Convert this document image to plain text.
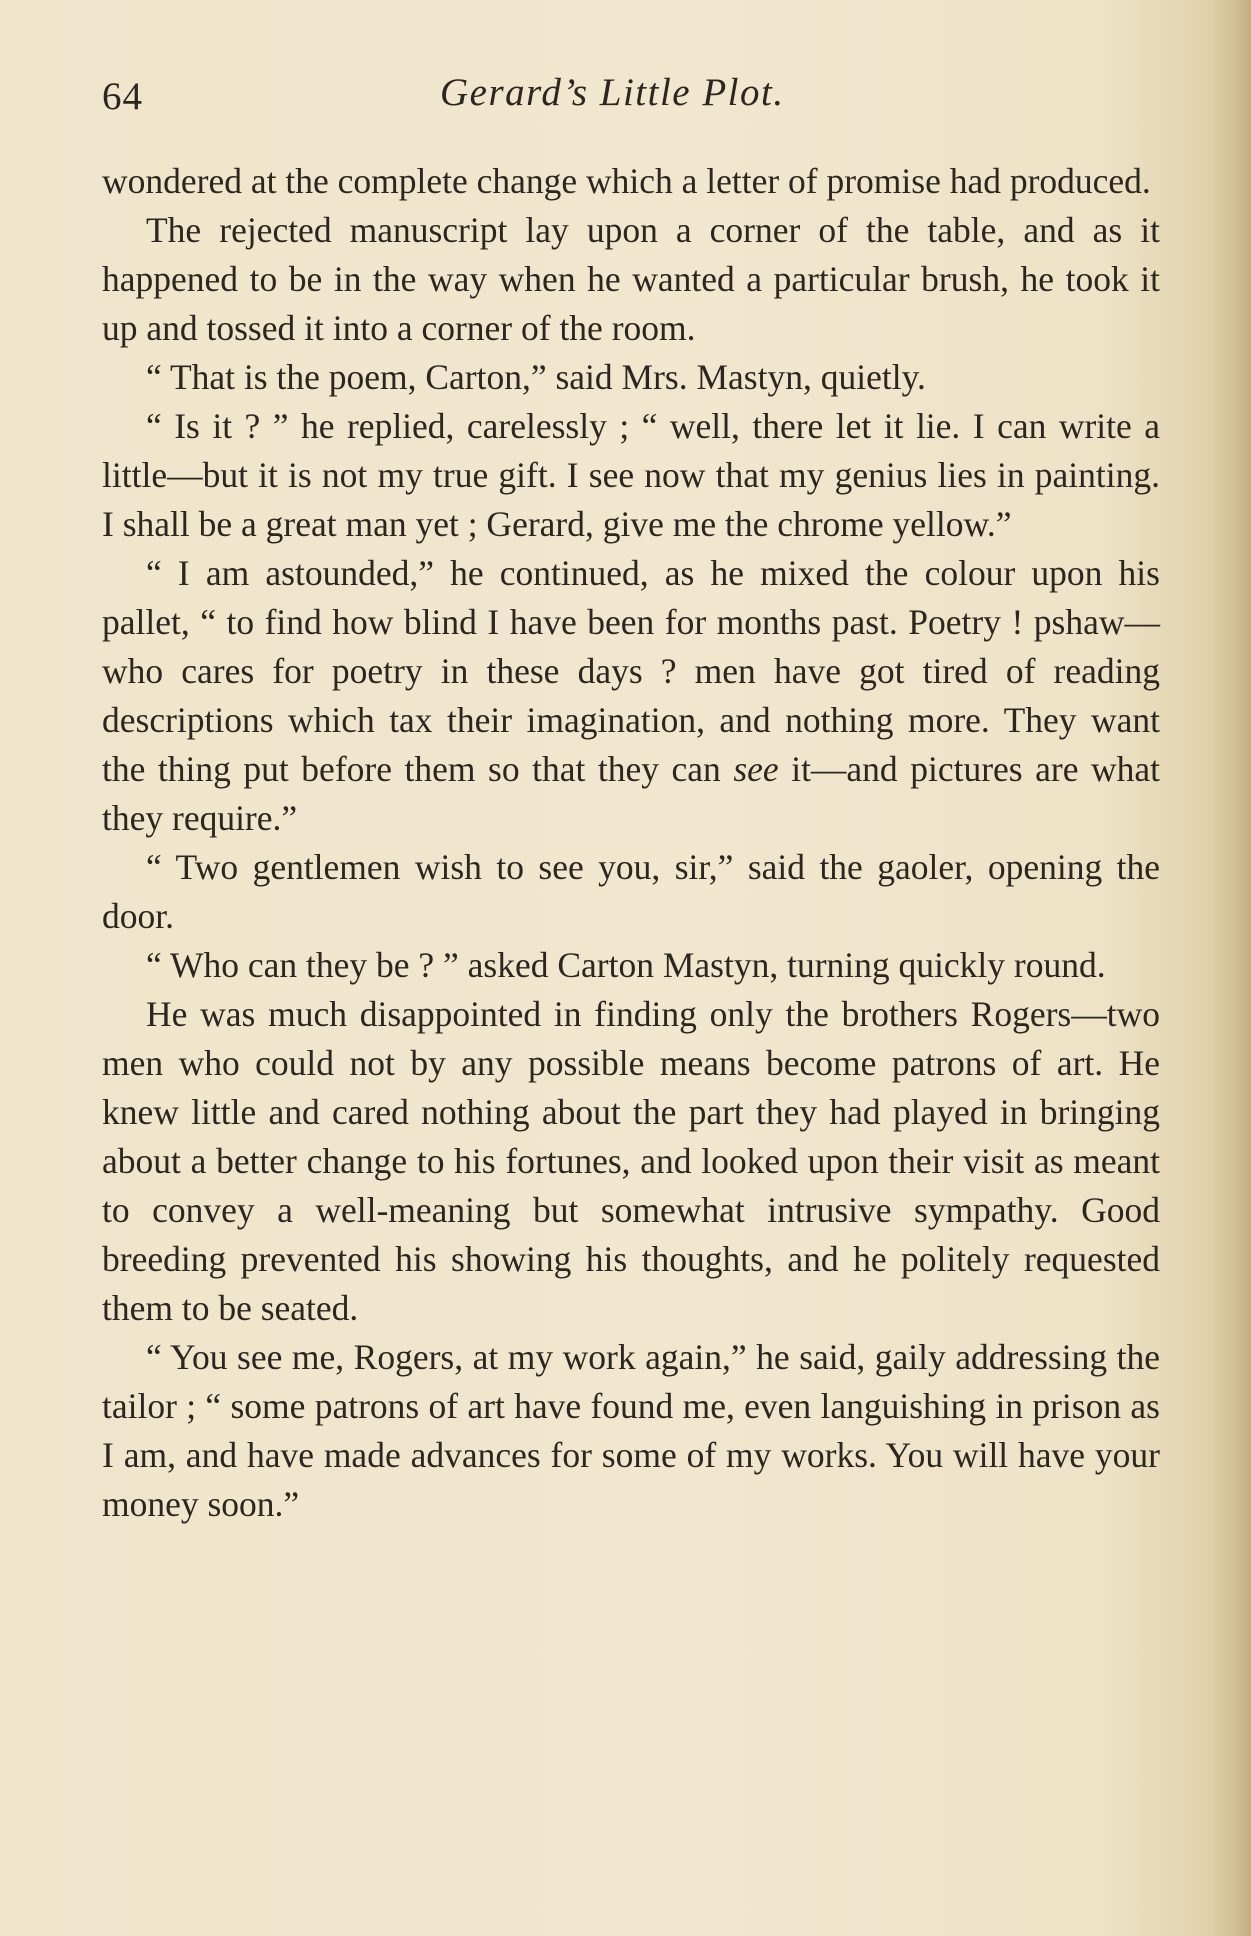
64	Gerard’s Little Plot.

wondered at the complete change which a letter of promise had produced.

The rejected manuscript lay upon a corner of the table, and as it happened to be in the way when he wanted a particular brush, he took it up and tossed it into a corner of the room.

“ That is the poem, Carton,” said Mrs. Mastyn, quietly.

“ Is it ? ” he replied, carelessly ; “ well, there let it lie. I can write a little—but it is not my true gift. I see now that my genius lies in painting. I shall be a great man yet ; Gerard, give me the chrome yellow.”

“ I am astounded,” he continued, as he mixed the colour upon his pallet, “ to find how blind I have been for months past. Poetry ! pshaw—who cares for poetry in these days ? men have got tired of reading descriptions which tax their imagination, and nothing more. They want the thing put before them so that they can see it—and pictures are what they require.”

“ Two gentlemen wish to see you, sir,” said the gaoler, opening the door.

“ Who can they be ? ” asked Carton Mastyn, turning quickly round.

He was much disappointed in finding only the brothers Rogers—two men who could not by any possible means become patrons of art. He knew little and cared nothing about the part they had played in bringing about a better change to his fortunes, and looked upon their visit as meant to convey a well-meaning but somewhat intrusive sympathy. Good breeding prevented his showing his thoughts, and he politely requested them to be seated.

“ You see me, Rogers, at my work again,” he said, gaily addressing the tailor ; “ some patrons of art have found me, even languishing in prison as I am, and have made advances for some of my works. You will have your money soon.”
